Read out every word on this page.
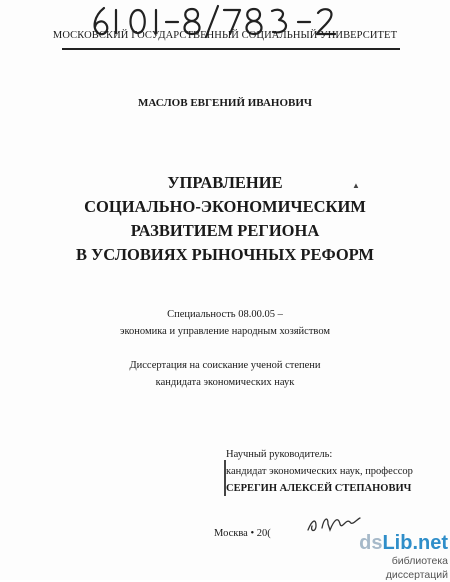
МОСКОВСКИЙ ГОСУДАРСТВЕННЫЙ СОЦИАЛЬНЫЙ УНИВЕРСИТЕТ
МАСЛОВ ЕВГЕНИЙ ИВАНОВИЧ
▲
УПРАВЛЕНИЕ
СОЦИАЛЬНО-ЭКОНОМИЧЕСКИМ
РАЗВИТИЕМ РЕГИОНА
В УСЛОВИЯХ РЫНОЧНЫХ РЕФОРМ
Специальность 08.00.05 –
экономика и управление народным хозяйством
Диссертация на соискание ученой степени
кандидата экономических наук
Научный руководитель:
кандидат экономических наук, профессор
СЕРЕГИН АЛЕКСЕЙ СТЕПАНОВИЧ
Москва • 20(	dsLib.net
библиотека диссертаций
